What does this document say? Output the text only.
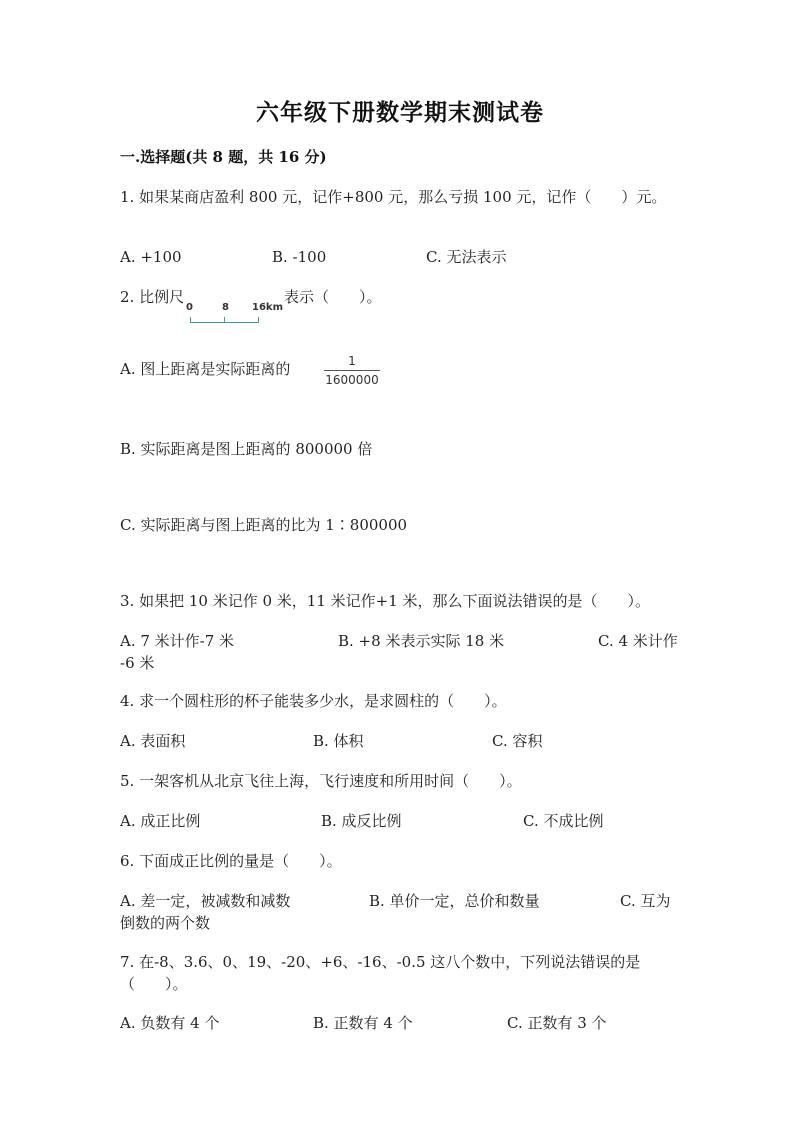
六年级下册数学期末测试卷
一.选择题(共 8 题，共 16 分)
1. 如果某商店盈利 800 元，记作+800 元，那么亏损 100 元，记作（　　）元。
A. +100	B. -100	C. 无法表示
2. 比例尺
0	8 16km
表示（　　）。
A. 图上距离是实际距离的	1
1600000
B. 实际距离是图上距离的 800000 倍
C. 实际距离与图上距离的比为 1∶800000
3. 如果把 10 米记作 0 米，11 米记作+1 米，那么下面说法错误的是（　　）。
A. 7 米计作-7 米	B. +8 米表示实际 18 米	C. 4 米计作
-6 米
4. 求一个圆柱形的杯子能装多少水，是求圆柱的（　　）。
A. 表面积	B. 体积	C. 容积
5. 一架客机从北京飞往上海，飞行速度和所用时间（　　）。
A. 成正比例	B. 成反比例	C. 不成比例
6. 下面成正比例的量是（　　）。
A. 差一定，被减数和减数	B. 单价一定，总价和数量	C. 互为
倒数的两个数
7. 在-8、3.6、0、19、-20、+6、-16、-0.5 这八个数中，下列说法错误的是
（　　）。
A. 负数有 4 个	B. 正数有 4 个	C. 正数有 3 个
